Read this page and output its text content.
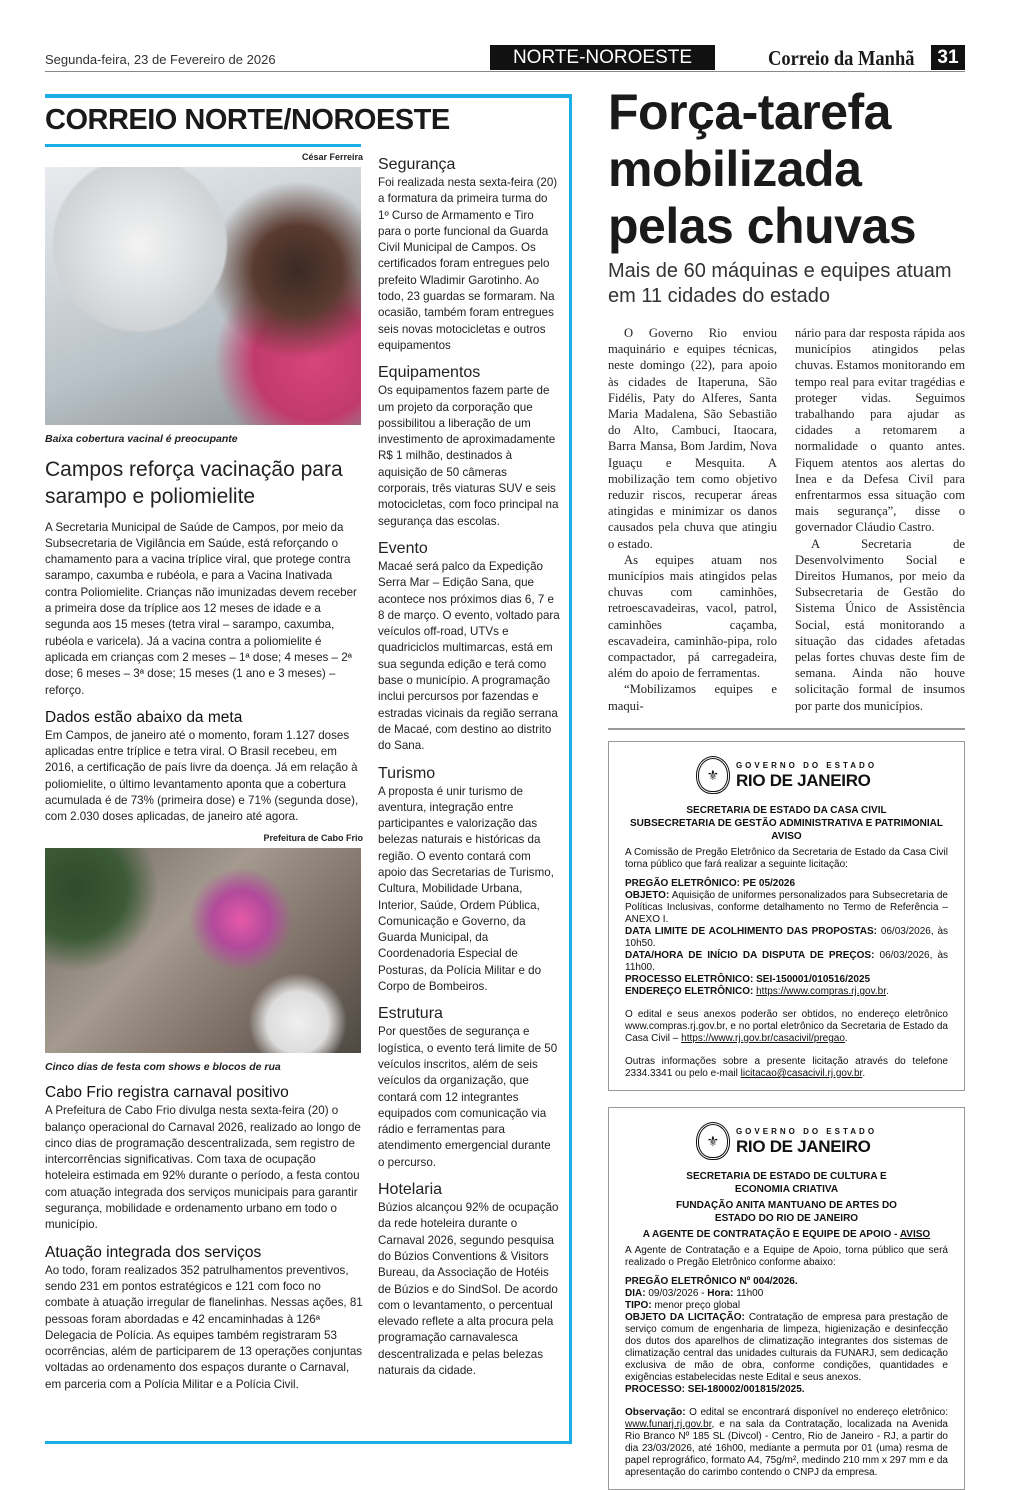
Segunda-feira, 23 de Fevereiro de 2026	NORTE-NOROESTE	Correio da Manhã	31
CORREIO NORTE/NOROESTE
César Ferreira
Baixa cobertura vacinal é preocupante
Campos reforça vacinação para sarampo e poliomielite

A Secretaria Municipal de Saúde de Campos, por meio da Subsecretaria de Vigilância em Saúde, está reforçando o chamamento para a vacina tríplice viral, que protege contra sarampo, caxumba e rubéola, e para a Vacina Inativada contra Poliomielite. Crianças não imunizadas devem receber a primeira dose da tríplice aos 12 meses de idade e a segunda aos 15 meses (tetra viral – sarampo, caxumba, rubéola e varicela). Já a vacina contra a poliomielite é aplicada em crianças com 2 meses – 1ª dose; 4 meses – 2ª dose; 6 meses – 3ª dose; 15 meses (1 ano e 3 meses) – reforço.

Dados estão abaixo da meta

Em Campos, de janeiro até o momento, foram 1.127 doses aplicadas entre tríplice e tetra viral. O Brasil recebeu, em 2016, a certificação de país livre da doença. Já em relação à poliomielite, o último levantamento aponta que a cobertura acumulada é de 73% (primeira dose) e 71% (segunda dose), com 2.030 doses aplicadas, de janeiro até agora.

Prefeitura de Cabo Frio
Cinco dias de festa com shows e blocos de rua
Cabo Frio registra carnaval positivo

A Prefeitura de Cabo Frio divulga nesta sexta-feira (20) o balanço operacional do Carnaval 2026, realizado ao longo de cinco dias de programação descentralizada, sem registro de intercorrências significativas. Com taxa de ocupação hoteleira estimada em 92% durante o período, a festa contou com atuação integrada dos serviços municipais para garantir segurança, mobilidade e ordenamento urbano em todo o município.

Atuação integrada dos serviços

Ao todo, foram realizados 352 patrulhamentos preventivos, sendo 231 em pontos estratégicos e 121 com foco no combate à atuação irregular de flanelinhas. Nessas ações, 81 pessoas foram abordadas e 42 encaminhadas à 126ª Delegacia de Polícia. As equipes também registraram 53 ocorrências, além de participarem de 13 operações conjuntas voltadas ao ordenamento dos espaços durante o Carnaval, em parceria com a Polícia Militar e a Polícia Civil.

Segurança

Foi realizada nesta sexta-feira (20) a formatura da primeira turma do 1º Curso de Armamento e Tiro para o porte funcional da Guarda Civil Municipal de Campos. Os certificados foram entregues pelo prefeito Wladimir Garotinho. Ao todo, 23 guardas se formaram. Na ocasião, também foram entregues seis novas motocicletas e outros equipamentos

Equipamentos

Os equipamentos fazem parte de um projeto da corporação que possibilitou a liberação de um investimento de aproximadamente R$ 1 milhão, destinados à aquisição de 50 câmeras corporais, três viaturas SUV e seis motocicletas, com foco principal na segurança das escolas.

Evento

Macaé será palco da Expedição Serra Mar – Edição Sana, que acontece nos próximos dias 6, 7 e 8 de março. O evento, voltado para veículos off-road, UTVs e quadriciclos multimarcas, está em sua segunda edição e terá como base o município. A programação inclui percursos por fazendas e estradas vicinais da região serrana de Macaé, com destino ao distrito do Sana.

Turismo

A proposta é unir turismo de aventura, integração entre participantes e valorização das belezas naturais e históricas da região. O evento contará com apoio das Secretarias de Turismo, Cultura, Mobilidade Urbana, Interior, Saúde, Ordem Pública, Comunicação e Governo, da Guarda Municipal, da Coordenadoria Especial de Posturas, da Polícia Militar e do Corpo de Bombeiros.

Estrutura

Por questões de segurança e logística, o evento terá limite de 50 veículos inscritos, além de seis veículos da organização, que contará com 12 integrantes equipados com comunicação via rádio e ferramentas para atendimento emergencial durante o percurso.

Hotelaria

Búzios alcançou 92% de ocupação da rede hoteleira durante o Carnaval 2026, segundo pesquisa do Búzios Conventions & Visitors Bureau, da Associação de Hotéis de Búzios e do SindSol. De acordo com o levantamento, o percentual elevado reflete a alta procura pela programação carnavalesca descentralizada e pelas belezas naturais da cidade.

Força-tarefa mobilizada pelas chuvas
Mais de 60 máquinas e equipes atuam em 11 cidades do estado

O Governo Rio enviou maquinário e equipes técnicas, neste domingo (22), para apoio às cidades de Itaperuna, São Fidélis, Paty do Alferes, Santa Maria Madalena, São Sebastião do Alto, Cambuci, Itaocara, Barra Mansa, Bom Jardim, Nova Iguaçu e Mesquita. A mobilização tem como objetivo reduzir riscos, recuperar áreas atingidas e minimizar os danos causados pela chuva que atingiu o estado.

As equipes atuam nos municípios mais atingidos pelas chuvas com caminhões, retroescavadeiras, vacol, patrol, caminhões caçamba, escavadeira, caminhão-pipa, rolo compactador, pá carregadeira, além do apoio de ferramentas.

“Mobilizamos equipes e maqui-

nário para dar resposta rápida aos municípios atingidos pelas chuvas. Estamos monitorando em tempo real para evitar tragédias e proteger vidas. Seguimos trabalhando para ajudar as cidades a retomarem a normalidade o quanto antes. Fiquem atentos aos alertas do Inea e da Defesa Civil para enfrentarmos essa situação com mais segurança”, disse o governador Cláudio Castro.

A Secretaria de Desenvolvimento Social e Direitos Humanos, por meio da Subsecretaria de Gestão do Sistema Único de Assistência Social, está monitorando a situação das cidades afetadas pelas fortes chuvas deste fim de semana. Ainda não houve solicitação formal de insumos por parte dos municípios.

⚜
GOVERNO DO ESTADO
RIO DE JANEIRO
SECRETARIA DE ESTADO DA CASA CIVIL
SUBSECRETARIA DE GESTÃO ADMINISTRATIVA E PATRIMONIAL
AVISO
A Comissão de Pregão Eletrônico da Secretaria de Estado da Casa Civil torna público que fará realizar a seguinte licitação:
PREGÃO ELETRÔNICO: PE 05/2026
OBJETO: Aquisição de uniformes personalizados para Subsecretaria de Políticas Inclusivas, conforme detalhamento no Termo de Referência – ANEXO I.
DATA LIMITE DE ACOLHIMENTO DAS PROPOSTAS: 06/03/2026, às 10h50.
DATA/HORA DE INÍCIO DA DISPUTA DE PREÇOS: 06/03/2026, às 11h00.
PROCESSO ELETRÔNICO: SEI-150001/010516/2025
ENDEREÇO ELETRÔNICO: https://www.compras.rj.gov.br.
O edital e seus anexos poderão ser obtidos, no endereço eletrônico www.compras.rj.gov.br, e no portal eletrônico da Secretaria de Estado da Casa Civil – https://www.rj.gov.br/casacivil/pregao.
Outras informações sobre a presente licitação através do telefone 2334.3341 ou pelo e-mail licitacao@casacivil.rj.gov.br.
⚜
GOVERNO DO ESTADO
RIO DE JANEIRO
SECRETARIA DE ESTADO DE CULTURA E ECONOMIA CRIATIVA
FUNDAÇÃO ANITA MANTUANO DE ARTES DO ESTADO DO RIO DE JANEIRO
A AGENTE DE CONTRATAÇÃO E EQUIPE DE APOIO - AVISO
A Agente de Contratação e a Equipe de Apoio, torna público que será realizado o Pregão Eletrônico conforme abaixo:
PREGÃO ELETRÔNICO Nº 004/2026.
DIA: 09/03/2026 - Hora: 11h00
TIPO: menor preço global
OBJETO DA LICITAÇÃO: Contratação de empresa para prestação de serviço comum de engenharia de limpeza, higienização e desinfecção dos dutos dos aparelhos de climatização integrantes dos sistemas de climatização central das unidades culturais da FUNARJ, sem dedicação exclusiva de mão de obra, conforme condições, quantidades e exigências estabelecidas neste Edital e seus anexos.
PROCESSO: SEI-180002/001815/2025.
Observação: O edital se encontrará disponível no endereço eletrônico: www.funarj.rj.gov.br, e na sala da Contratação, localizada na Avenida Rio Branco Nº 185 SL (Divcol) - Centro, Rio de Janeiro - RJ, a partir do dia 23/03/2026, até 16h00, mediante a permuta por 01 (uma) resma de papel reprográfico, formato A4, 75g/m², medindo 210 mm x 297 mm e da apresentação do carimbo contendo o CNPJ da empresa.
